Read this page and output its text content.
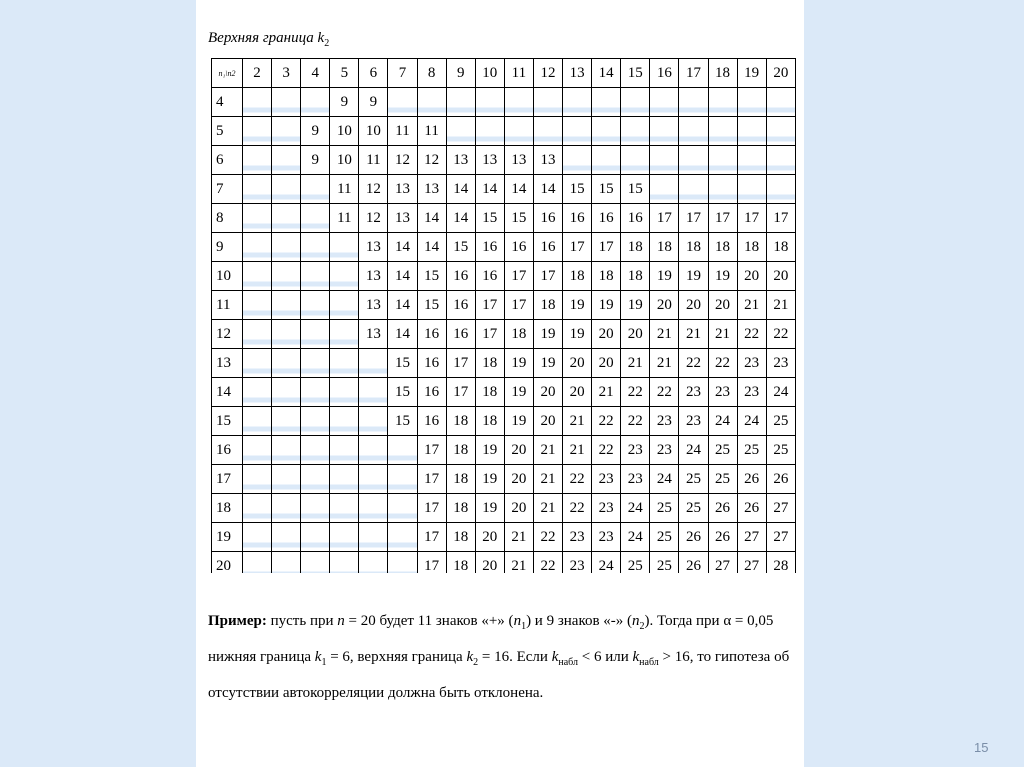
Верхняя граница $k_2$
n₁\n2	2	3	4	5	6	7	8	9	10	11	12	13	14	15	16	17	18	19	20
4				9	9														
5			9	10	10	11	11												
6			9	10	11	12	12	13	13	13	13								
7				11	12	13	13	14	14	14	14	15	15	15					
8				11	12	13	14	14	15	15	16	16	16	16	17	17	17	17	17
9					13	14	14	15	16	16	16	17	17	18	18	18	18	18	18
10					13	14	15	16	16	17	17	18	18	18	19	19	19	20	20
11					13	14	15	16	17	17	18	19	19	19	20	20	20	21	21
12					13	14	16	16	17	18	19	19	20	20	21	21	21	22	22
13						15	16	17	18	19	19	20	20	21	21	22	22	23	23
14						15	16	17	18	19	20	20	21	22	22	23	23	23	24
15						15	16	18	18	19	20	21	22	22	23	23	24	24	25
16							17	18	19	20	21	21	22	23	23	24	25	25	25
17							17	18	19	20	21	22	23	23	24	25	25	26	26
18							17	18	19	20	21	22	23	24	25	25	26	26	27
19							17	18	20	21	22	23	23	24	25	26	26	27	27
20							17	18	20	21	22	23	24	25	25	26	27	27	28
Пример: пусть при n = 20 будет 11 знаков «+» $(n_1)$ и 9 знаков «-» $(n_2)$. Тогда при α = 0,05 нижняя граница $k_1 = 6$, верхняя граница $k_2 = 16$. Если $k_{набл} < 6$ или $k_{набл} > 16$, то гипотеза об отсутствии автокорреляции должна быть отклонена.
15
